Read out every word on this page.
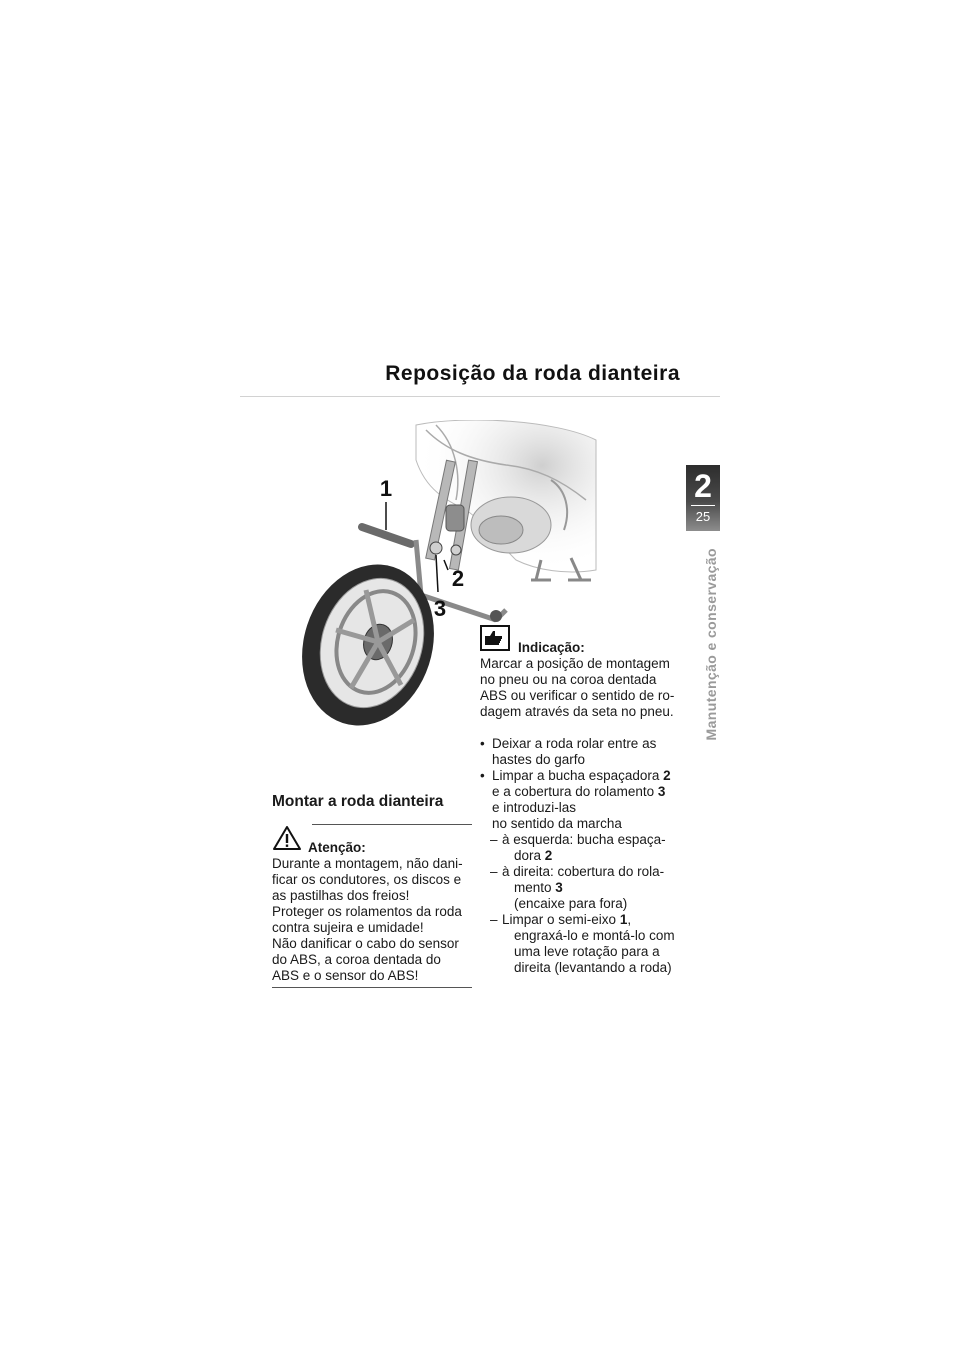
Reposição da roda dianteira
2
25
Manutenção e conservação
1
2
3
Montar a roda dianteira
Atenção:

Durante a montagem, não dani-

ficar os condutores, os discos e

as pastilhas dos freios!

Proteger os rolamentos da roda

contra sujeira e umidade!

Não danificar o cabo do sensor

do ABS, a coroa dentada do

ABS e o sensor do ABS!

Indicação:

Marcar a posição de montagem

no pneu ou na coroa dentada

ABS ou verificar o sentido de ro-

dagem através da seta no pneu.

• Deixar a roda rolar entre as
hastes do garfo
• Limpar a bucha espaçadora 2
e a cobertura do rolamento 3
e introduzi-las
no sentido da marcha
– à esquerda: bucha espaça-
dora 2
– à direita: cobertura do rola-
mento 3
(encaixe para fora)
– Limpar o semi-eixo 1,
engraxá-lo e montá-lo com
uma leve rotação para a
direita (levantando a roda)
